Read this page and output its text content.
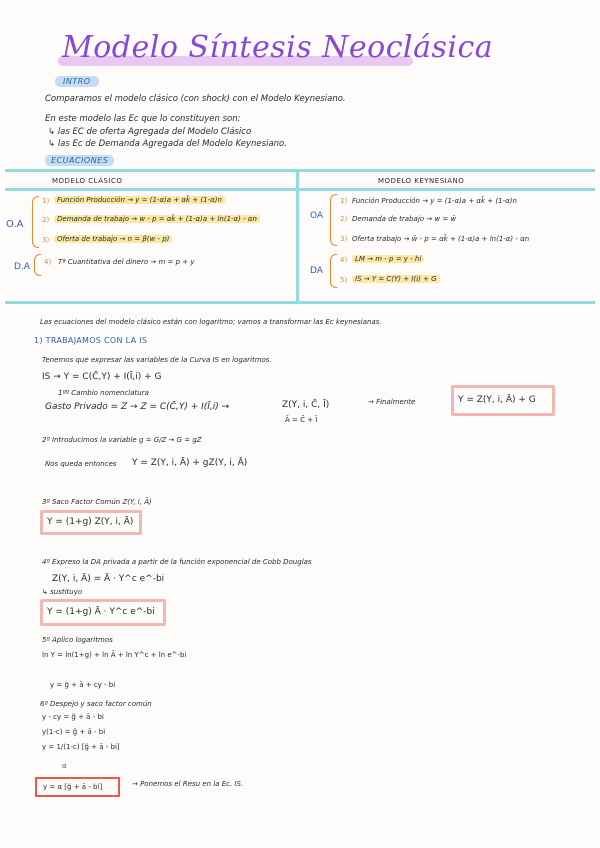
Modelo Síntesis Neoclásica
INTRO
Comparamos el modelo clásico (con shock) con el Modelo Keynesiano.
En este modelo las Ec que lo constituyen son:
↳ las EC de oferta Agregada del Modelo Clásico
↳ las Ec de Demanda Agregada del Modelo Keynesiano.
ECUACIONES
MODELO CLÁSICO	MODELO KEYNESIANO
O.A
1)	Función Producción → y = (1-α)a + αk̄ + (1-α)n
2)	Demanda de trabajo → w - p = αk̄ + (1-α)a + ln(1-α) - αn
3)	Oferta de trabajo → n = β(w - p)
D.A 4) Tª Cuantitativa del dinero → m = p + y
OA
1) Función Producción → y = (1-α)a + αk̄ + (1-α)n
2) Demanda de trabajo → w = w̄
3) Oferta trabajo → w̄ - p = αk̄ + (1-α)a + ln(1-α) - αn
DA
4)	LM → m - p = y - hi
5)	IS → Y = C(Y) + I(i) + G
Las ecuaciones del modelo clásico están con logaritmo; vamos a transformar las Ec keynesianas.
1) TRABAJAMOS CON LA IS
Tenemos que expresar las variables de la Curva IS en logaritmos.
IS → Y = C(C̄,Y) + I(Ī,i) + G
1ºº Cambio nomenclatura
Gasto Privado = Z → Z = C(C̄,Y) + I(Ī,i) →	Z(Y, i, C̄, Ī)
Ā = C̄ + Ī
→ Finalmente	Y = Z(Y, i, Ā) + G
2º Introducimos la variable g = G/Z → G = gZ
Nos queda entonces Y = Z(Y, i, Ā) + gZ(Y, i, Ā)
3º Saco Factor Común Z(Y, i, Ā)
Y = (1+g) Z(Y, i, Ā)
4º Expreso la DA privada a partir de la función exponencial de Cobb Douglas
Z(Y, i, Ā) = Ā · Y^c e^-bi
↳ sustituyo
Y = (1+g) Ā · Y^c e^-bi
5º Aplico logaritmos
ln Y = ln(1+g) + ln Ā + ln Y^c + ln e^-bi
y = g̃ + ā + cy - bi
6º Despejo y saco factor común
y - cy = g̃ + ā - bi
y(1-c) = g̃ + ā - bi
y = 1/(1-c) [g̃ + ā - bi]
α
y = α [g̃ + ā - bi]	→ Ponemos el Resu en la Ec. IS.
